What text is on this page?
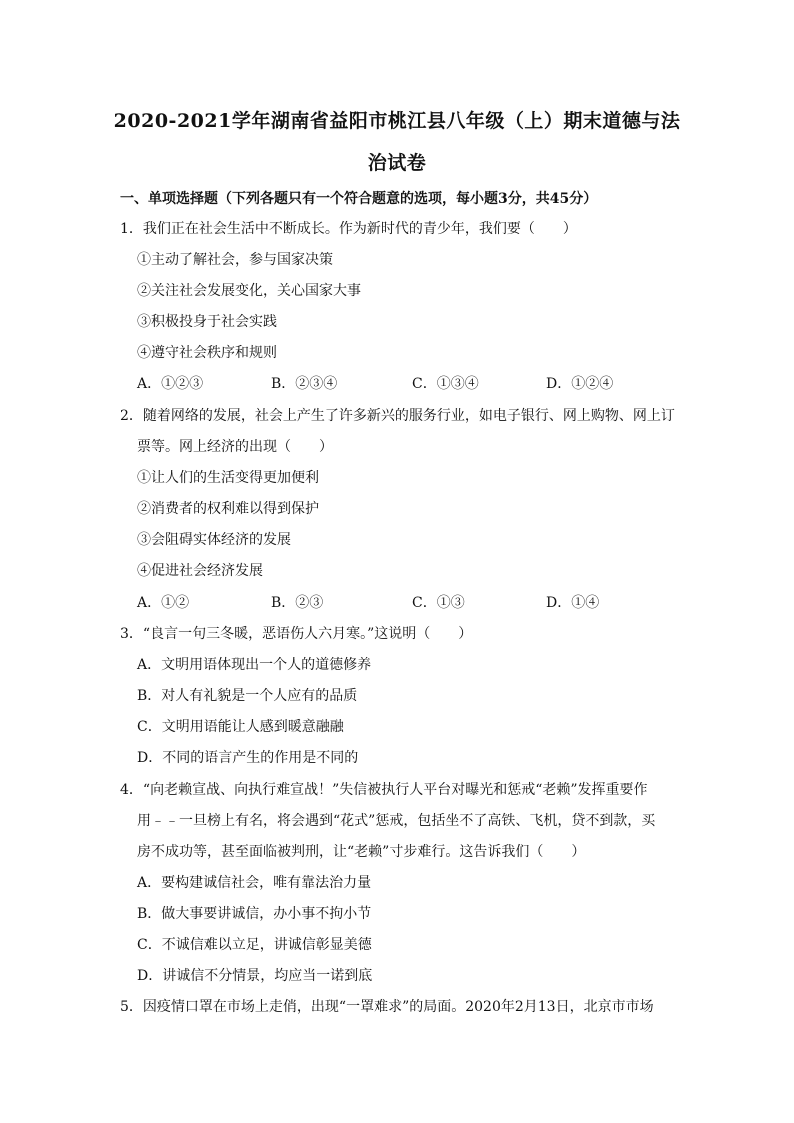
2020-2021学年湖南省益阳市桃江县八年级（上）期末道德与法
治试卷
一、单项选择题（下列各题只有一个符合题意的选项，每小题3分，共45分）
1．我们正在社会生活中不断成长。作为新时代的青少年，我们要（　　）
①主动了解社会，参与国家决策
②关注社会发展变化，关心国家大事
③积极投身于社会实践
④遵守社会秩序和规则
A．①②③	B．②③④	C．①③④	D．①②④
2．随着网络的发展，社会上产生了许多新兴的服务行业，如电子银行、网上购物、网上订
票等。网上经济的出现（　　）
①让人们的生活变得更加便利
②消费者的权利难以得到保护
③会阻碍实体经济的发展
④促进社会经济发展
A．①②	B．②③	C．①③	D．①④
3．“良言一句三冬暖，恶语伤人六月寒。”这说明（　　）
A．文明用语体现出一个人的道德修养
B．对人有礼貌是一个人应有的品质
C．文明用语能让人感到暖意融融
D．不同的语言产生的作用是不同的
4．“向老赖宣战、向执行难宣战！”失信被执行人平台对曝光和惩戒“老赖”发挥重要作
用﹣﹣一旦榜上有名，将会遇到“花式”惩戒，包括坐不了高铁、飞机，贷不到款，买
房不成功等，甚至面临被判刑，让“老赖”寸步难行。这告诉我们（　　）
A．要构建诚信社会，唯有靠法治力量
B．做大事要讲诚信，办小事不拘小节
C．不诚信难以立足，讲诚信彰显美德
D．讲诚信不分情景，均应当一诺到底
5．因疫情口罩在市场上走俏，出现“一罩难求”的局面。2020年2月13日，北京市市场
